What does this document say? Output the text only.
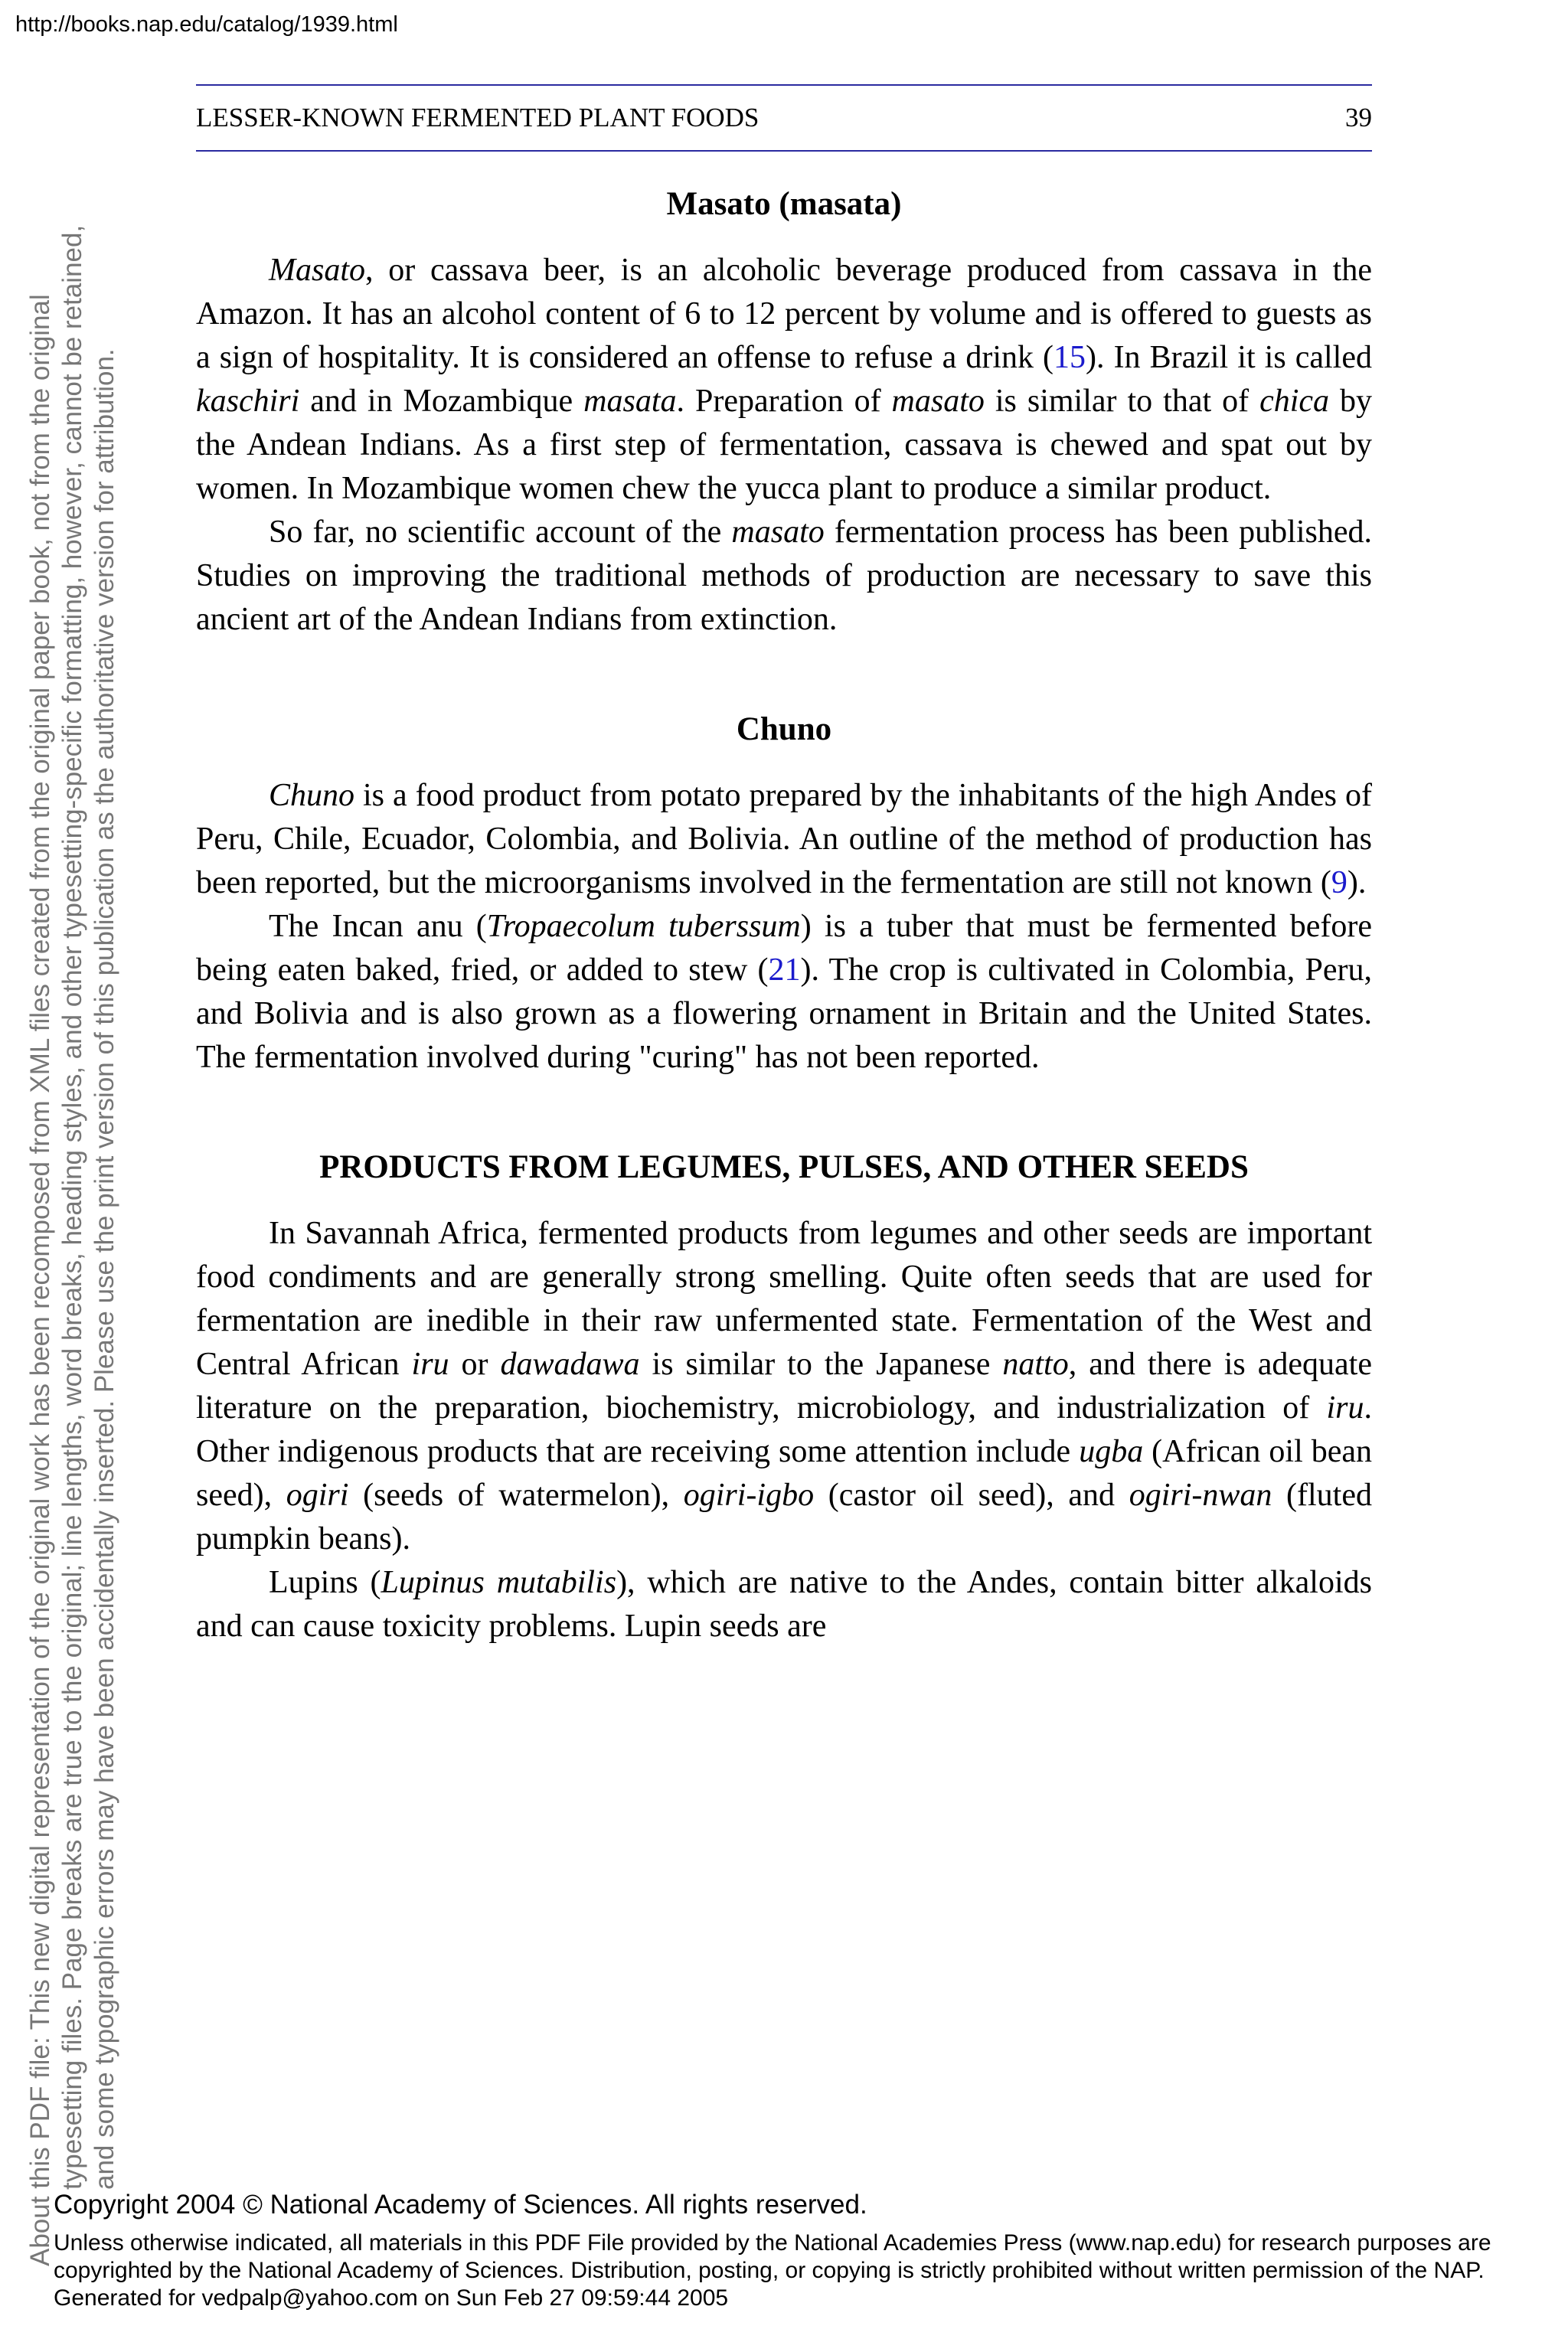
http://books.nap.edu/catalog/1939.html
About this PDF file: This new digital representation of the original work has been recomposed from XML files created from the original paper book, not from the original typesetting files. Page breaks are true to the original; line lengths, word breaks, heading styles, and other typesetting-specific formatting, however, cannot be retained, and some typographic errors may have been accidentally inserted. Please use the print version of this publication as the authoritative version for attribution.
LESSER-KNOWN FERMENTED PLANT FOODS	39
Masato (masata)

Masato, or cassava beer, is an alcoholic beverage produced from cassava in the Amazon. It has an alcohol content of 6 to 12 percent by volume and is offered to guests as a sign of hospitality. It is considered an offense to refuse a drink (15). In Brazil it is called kaschiri and in Mozambique masata. Preparation of masato is similar to that of chica by the Andean Indians. As a first step of fermentation, cassava is chewed and spat out by women. In Mozambique women chew the yucca plant to produce a similar product.

So far, no scientific account of the masato fermentation process has been published. Studies on improving the traditional methods of production are necessary to save this ancient art of the Andean Indians from extinction.

Chuno

Chuno is a food product from potato prepared by the inhabitants of the high Andes of Peru, Chile, Ecuador, Colombia, and Bolivia. An outline of the method of production has been reported, but the microorganisms involved in the fermentation are still not known (9).

The Incan anu (Tropaecolum tuberssum) is a tuber that must be fermented before being eaten baked, fried, or added to stew (21). The crop is cultivated in Colombia, Peru, and Bolivia and is also grown as a flowering ornament in Britain and the United States. The fermentation involved during "curing" has not been reported.

PRODUCTS FROM LEGUMES, PULSES, AND OTHER SEEDS

In Savannah Africa, fermented products from legumes and other seeds are important food condiments and are generally strong smelling. Quite often seeds that are used for fermentation are inedible in their raw unfermented state. Fermentation of the West and Central African iru or dawadawa is similar to the Japanese natto, and there is adequate literature on the preparation, biochemistry, microbiology, and industrialization of iru. Other indigenous products that are receiving some attention include ugba (African oil bean seed), ogiri (seeds of watermelon), ogiri-igbo (castor oil seed), and ogiri-nwan (fluted pumpkin beans).

Lupins (Lupinus mutabilis), which are native to the Andes, contain bitter alkaloids and can cause toxicity problems. Lupin seeds are

Copyright 2004 © National Academy of Sciences. All rights reserved.
Unless otherwise indicated, all materials in this PDF File provided by the National Academies Press (www.nap.edu) for research purposes are copyrighted by the National Academy of Sciences. Distribution, posting, or copying is strictly prohibited without written permission of the NAP.
Generated for vedpalp@yahoo.com on Sun Feb 27 09:59:44 2005
